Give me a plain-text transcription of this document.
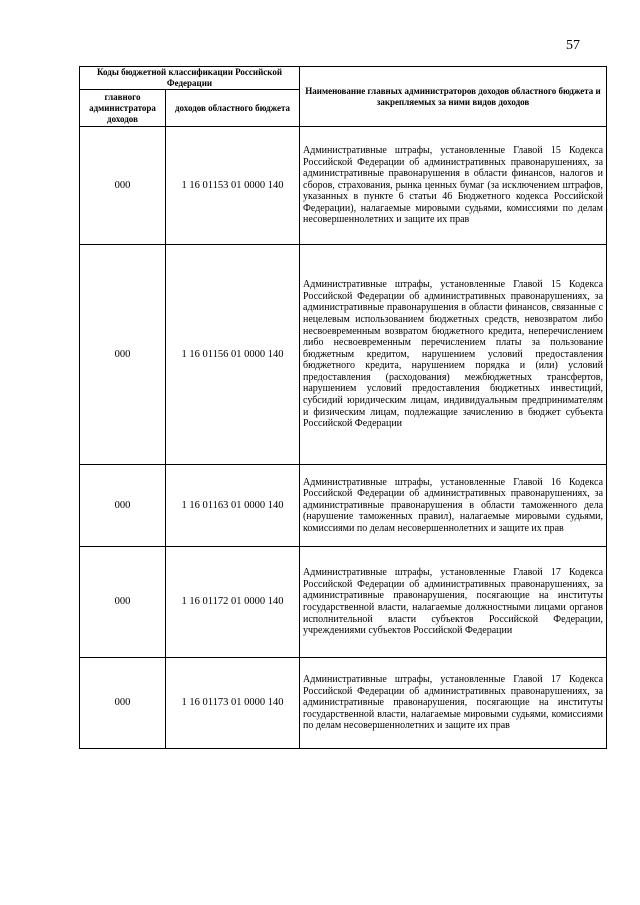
57
Коды бюджетной классификации Российской Федерации		Наименование главных администраторов доходов областного бюджета и закрепляемых за ними видов доходов
главного администратора доходов	доходов областного бюджета	
000	1 16 01153 01 0000 140	Административные штрафы, установленные Главой 15 Кодекса Российской Федерации об административных правонарушениях, за административные правонарушения в области финансов, налогов и сборов, страхования, рынка ценных бумаг (за исключением штрафов, указанных в пункте 6 статьи 46 Бюджетного кодекса Российской Федерации), налагаемые мировыми судьями, комиссиями по делам несовершеннолетних и защите их прав
000	1 16 01156 01 0000 140	Административные штрафы, установленные Главой 15 Кодекса Российской Федерации об административных правонарушениях, за административные правонарушения в области финансов, связанные с нецелевым использованием бюджетных средств, невозвратом либо несвоевременным возвратом бюджетного кредита, неперечислением либо несвоевременным перечислением платы за пользование бюджетным кредитом, нарушением условий предоставления бюджетного кредита, нарушением порядка и (или) условий предоставления (расходования) межбюджетных трансфертов, нарушением условий предоставления бюджетных инвестиций, субсидий юридическим лицам, индивидуальным предпринимателям и физическим лицам, подлежащие зачислению в бюджет субъекта Российской Федерации
000	1 16 01163 01 0000 140	Административные штрафы, установленные Главой 16 Кодекса Российской Федерации об административных правонарушениях, за административные правонарушения в области таможенного дела (нарушение таможенных правил), налагаемые мировыми судьями, комиссиями по делам несовершеннолетних и защите их прав
000	1 16 01172 01 0000 140	Административные штрафы, установленные Главой 17 Кодекса Российской Федерации об административных правонарушениях, за административные правонарушения, посягающие на институты государственной власти, налагаемые должностными лицами органов исполнительной власти субъектов Российской Федерации, учреждениями субъектов Российской Федерации
000	1 16 01173 01 0000 140	Административные штрафы, установленные Главой 17 Кодекса Российской Федерации об административных правонарушениях, за административные правонарушения, посягающие на институты государственной власти, налагаемые мировыми судьями, комиссиями по делам несовершеннолетних и защите их прав
